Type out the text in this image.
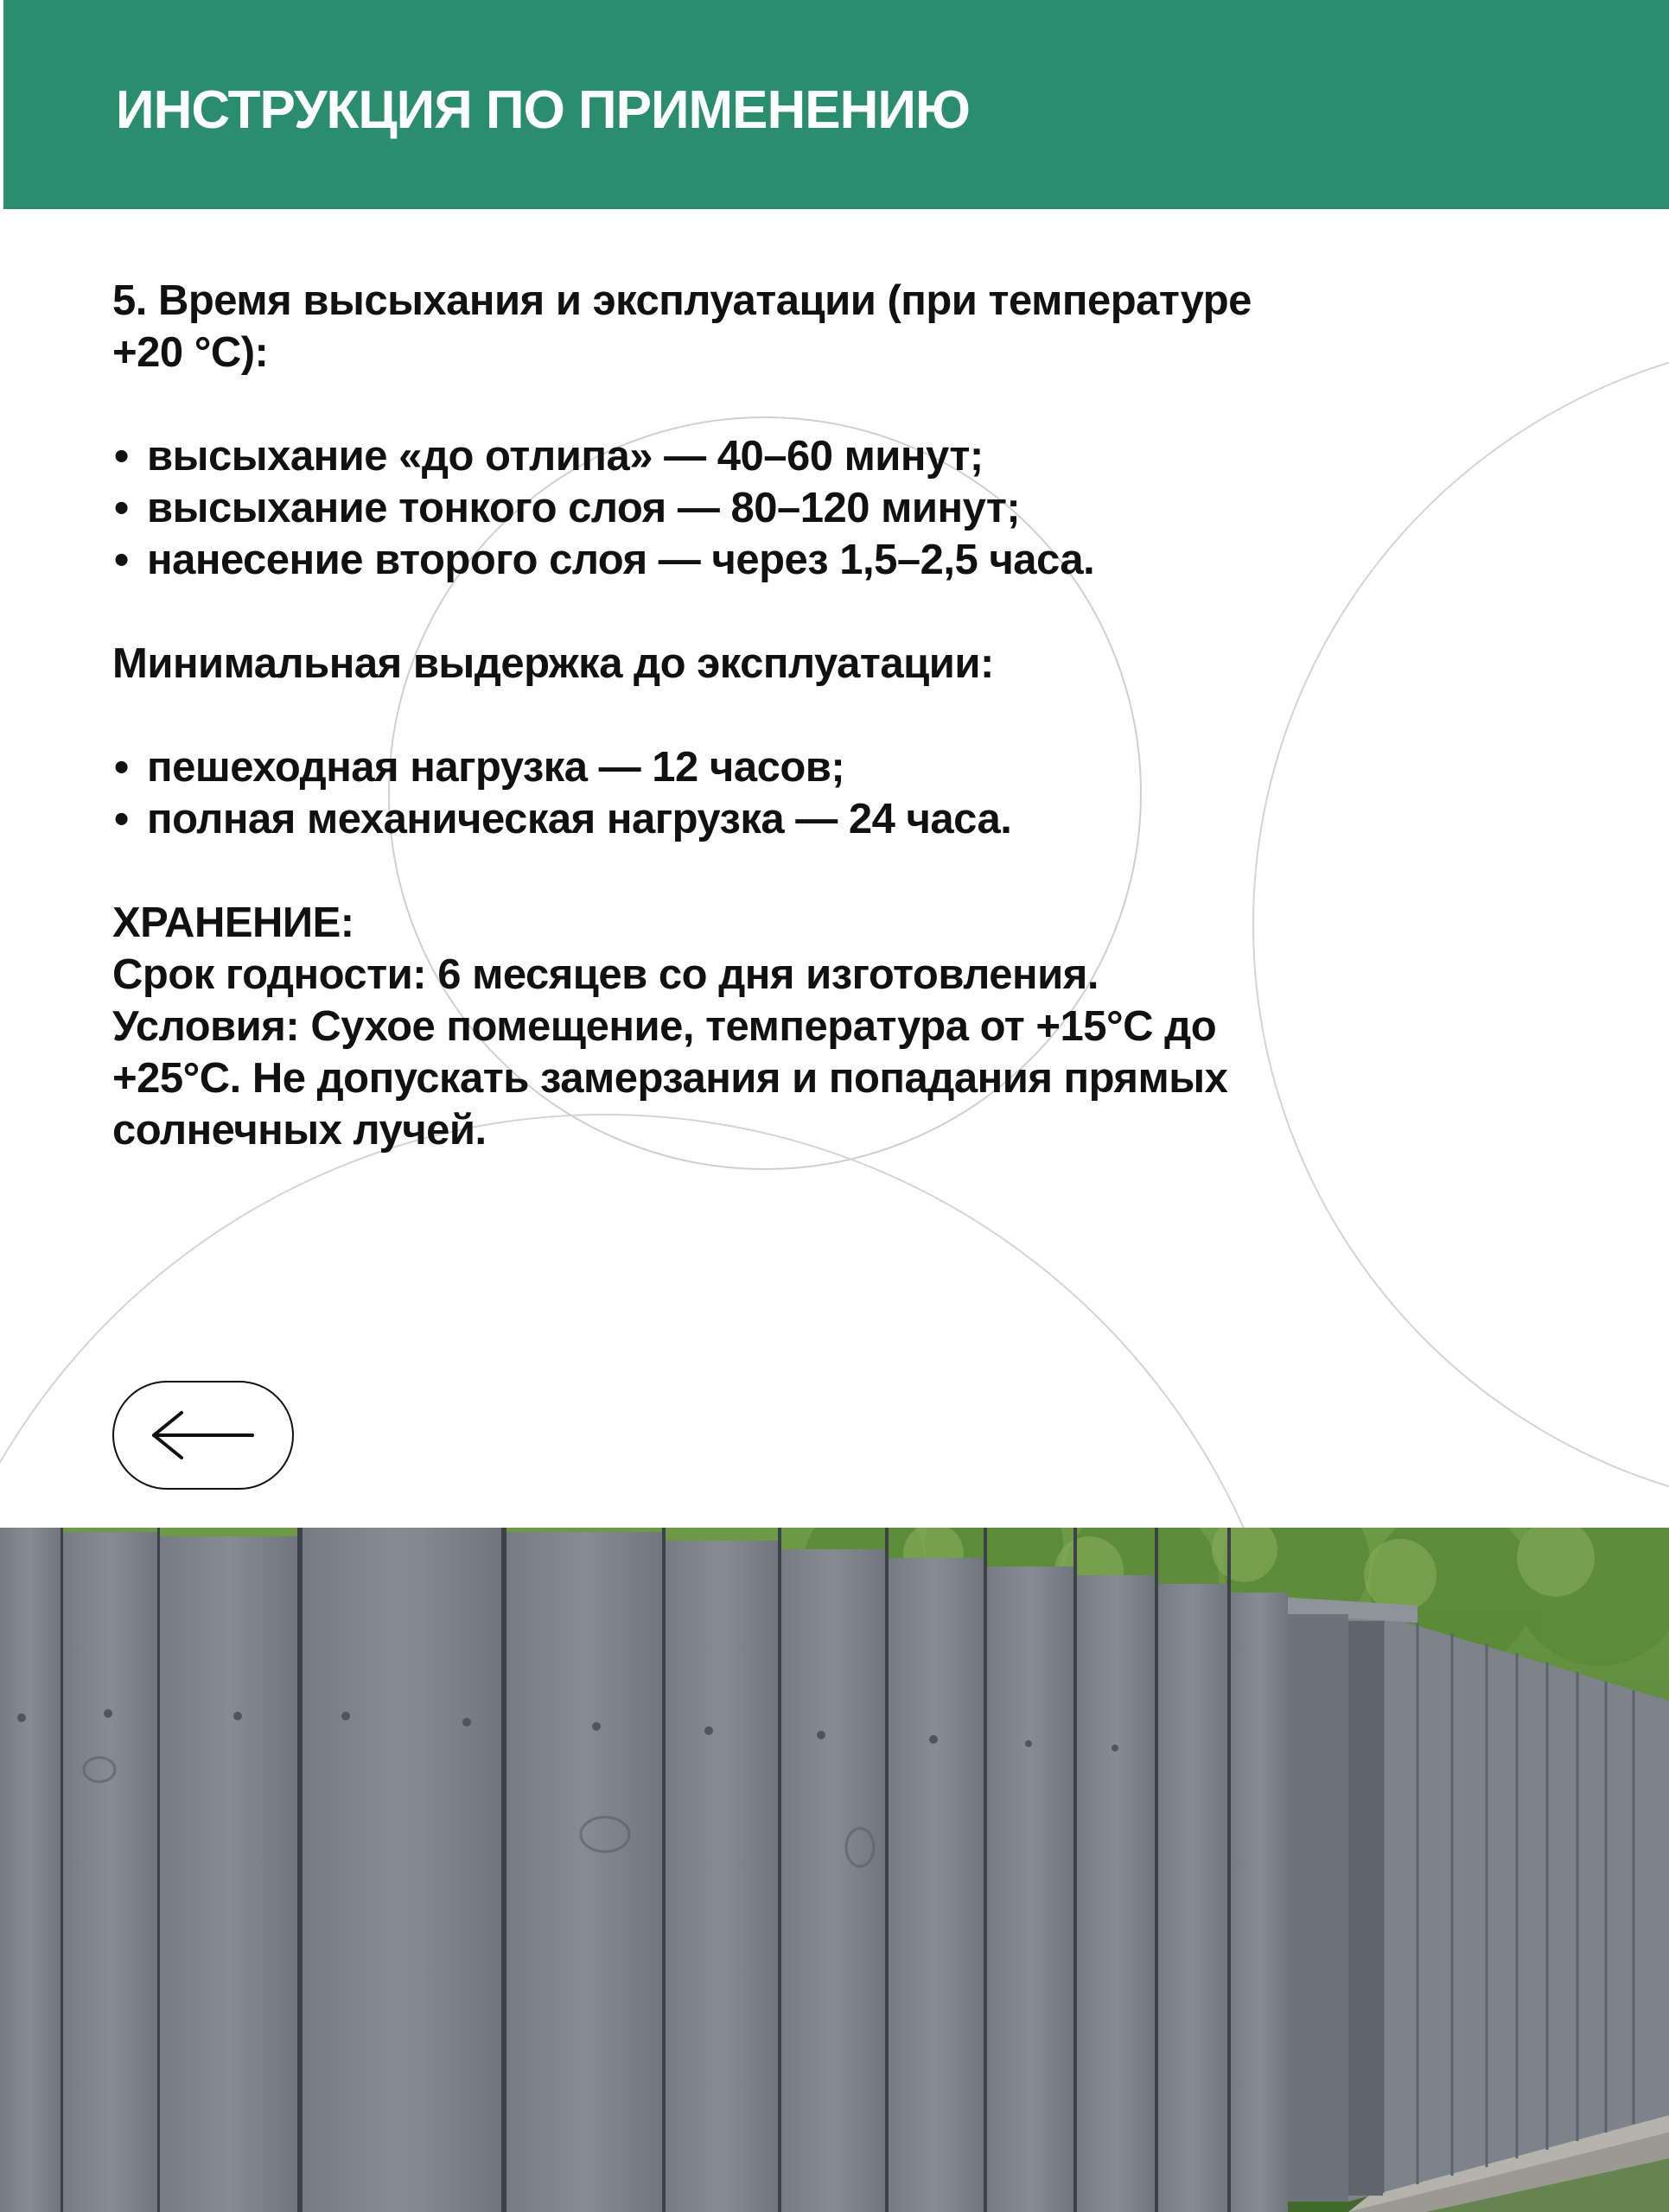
ИНСТРУКЦИЯ ПО ПРИМЕНЕНИЮ

5. Время высыхания и эксплуатации (при температуре
+20 °С):

• высыхание «до отлипа» — 40–60 минут;
• высыхание тонкого слоя — 80–120 минут;
• нанесение второго слоя — через 1,5–2,5 часа.

Минимальная выдержка до эксплуатации:

• пешеходная нагрузка — 12 часов;
• полная механическая нагрузка — 24 часа.

ХРАНЕНИЕ:

Срок годности: 6 месяцев со дня изготовления.

Условия: Сухое помещение, температура от +15°С до
+25°С. Не допускать замерзания и попадания прямых
солнечных лучей.
